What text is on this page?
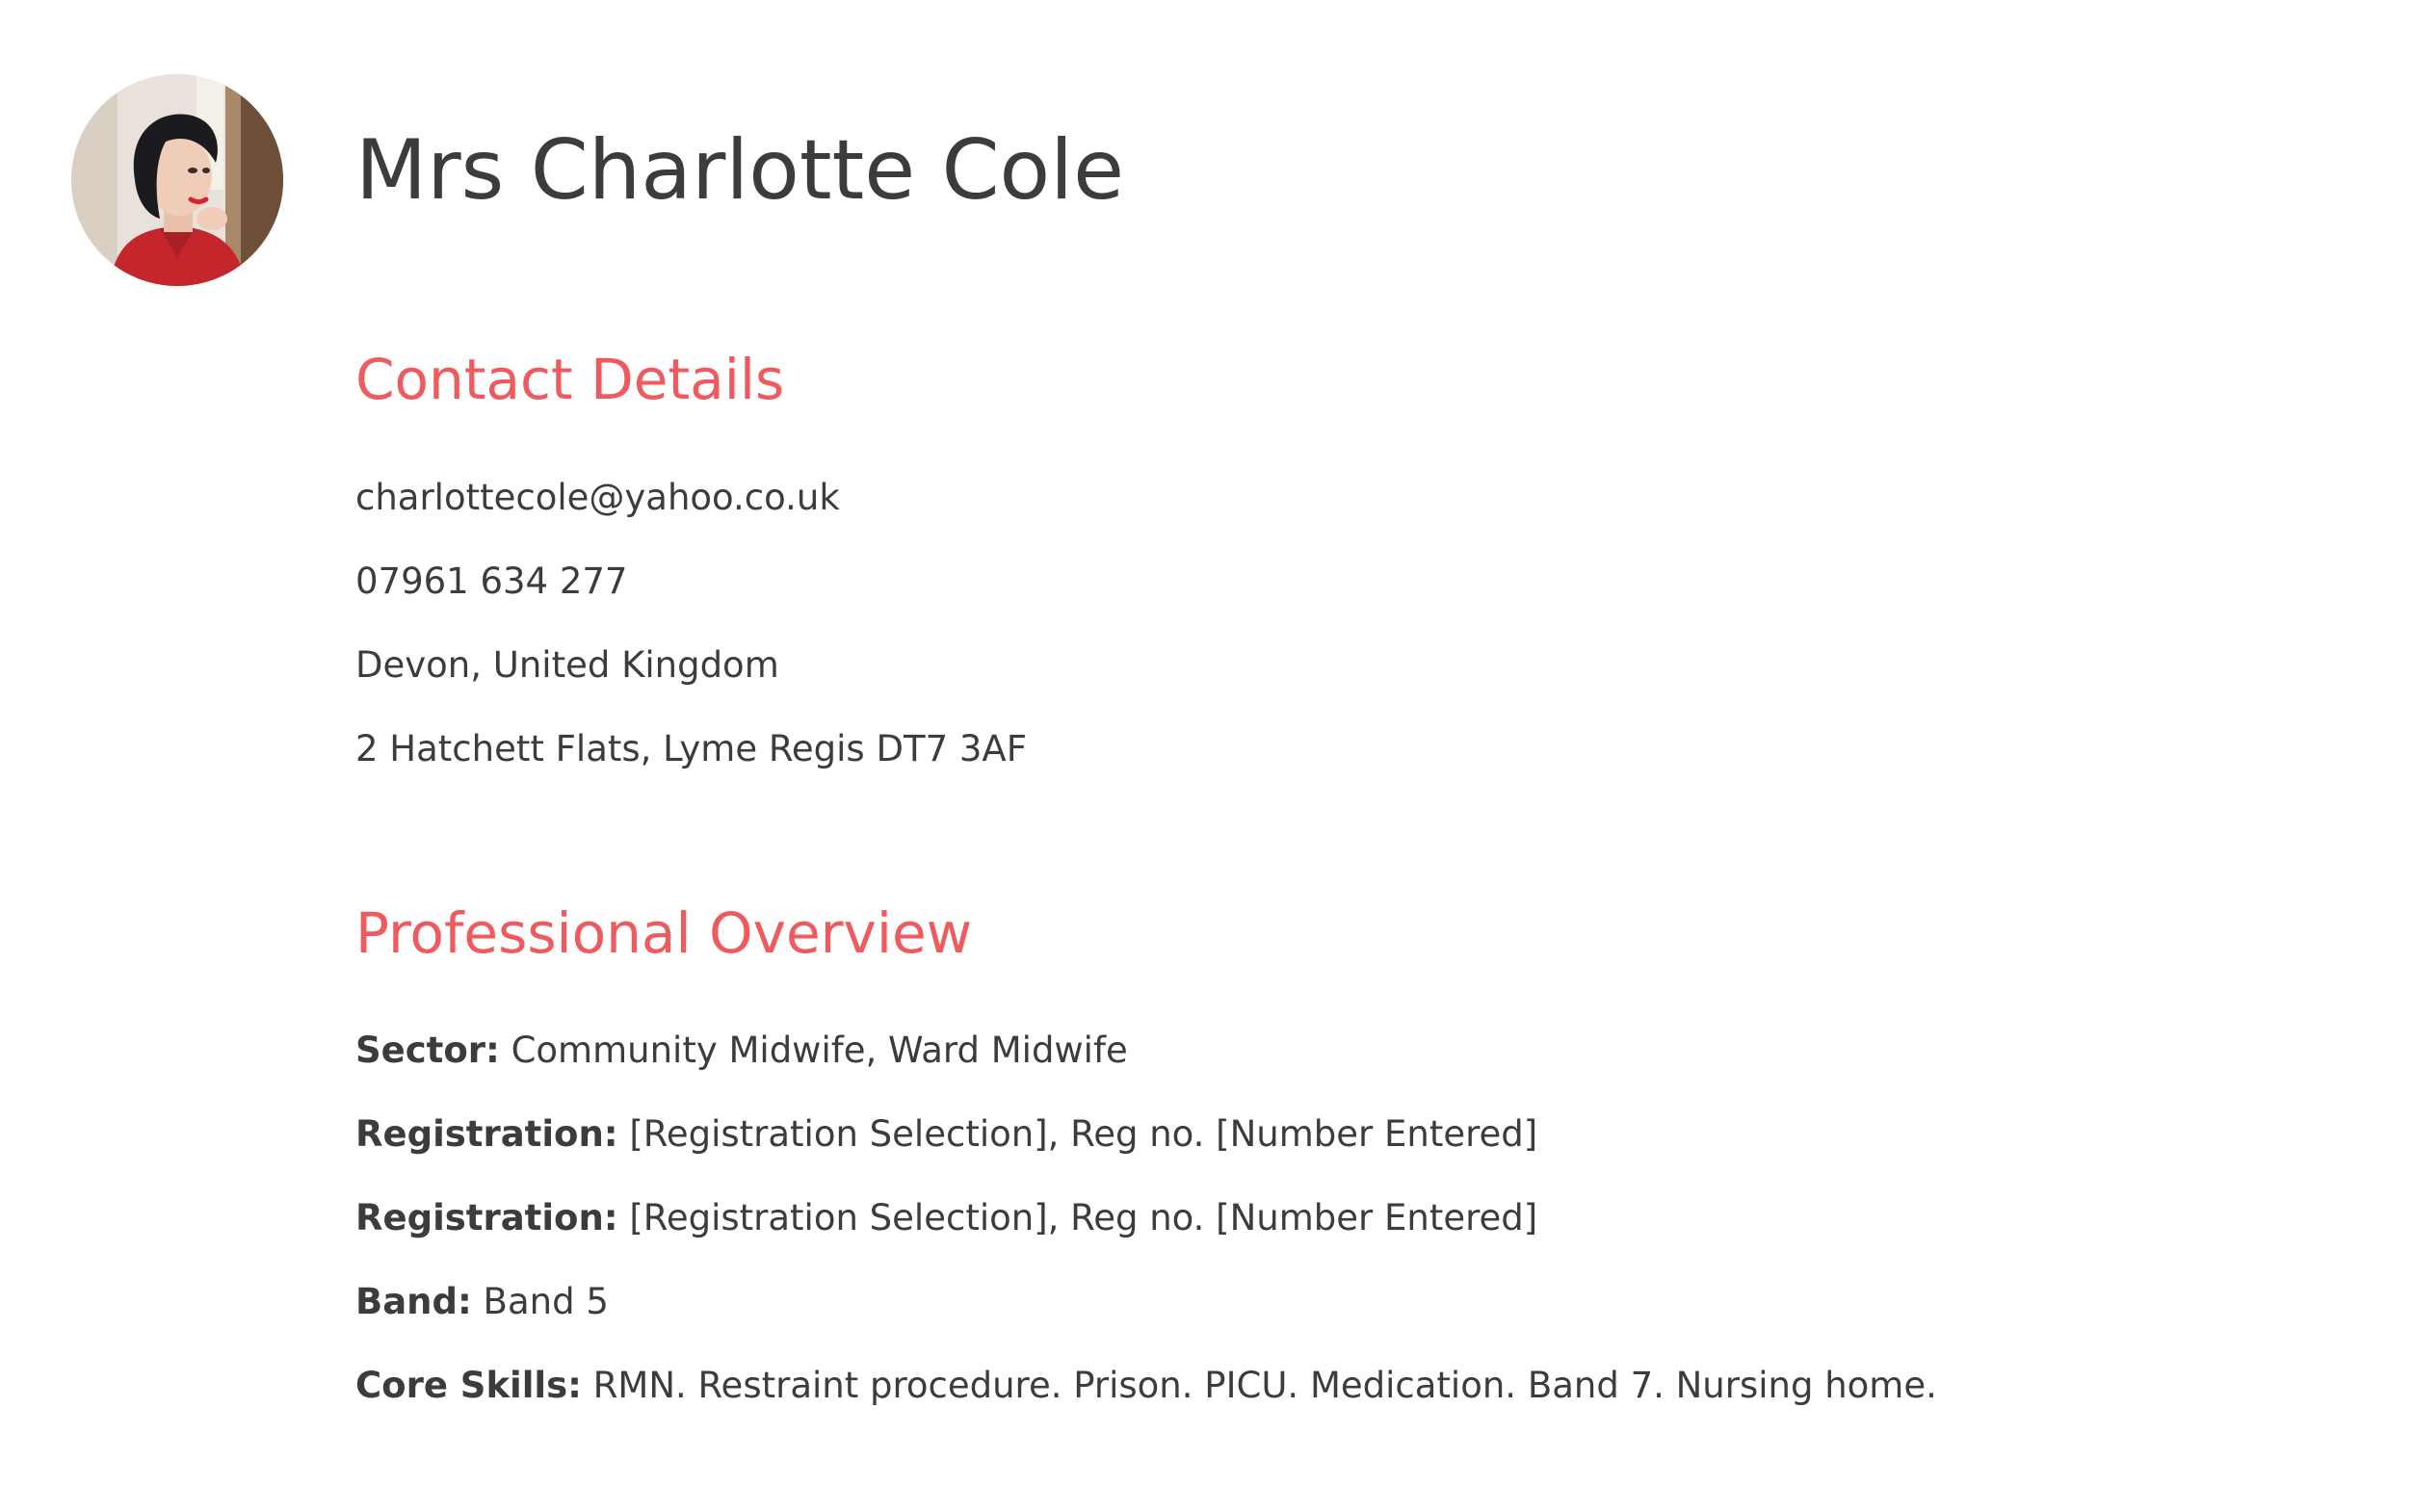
Mrs Charlotte Cole
Contact Details

charlottecole@yahoo.co.uk

07961 634 277

Devon, United Kingdom

2 Hatchett Flats, Lyme Regis DT7 3AF

Professional Overview

Sector: Community Midwife, Ward Midwife

Registration: [Registration Selection], Reg no. [Number Entered]

Registration: [Registration Selection], Reg no. [Number Entered]

Band: Band 5

Core Skills: RMN. Restraint procedure. Prison. PICU. Medication. Band 7. Nursing home.
